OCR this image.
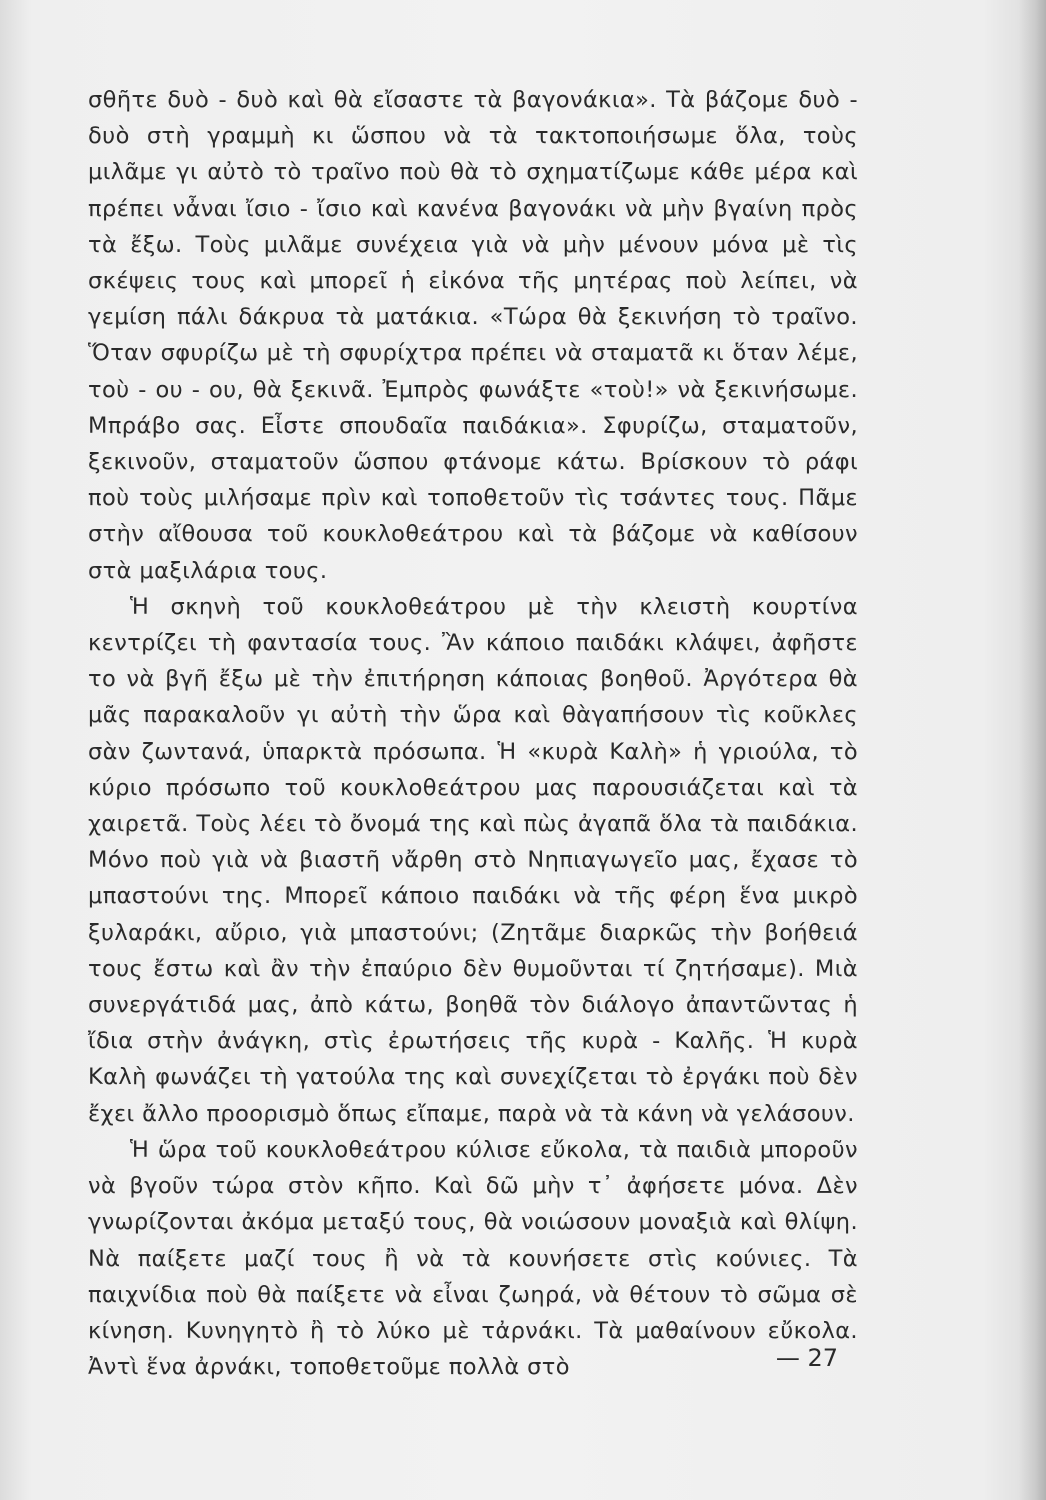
σθῆτε δυὸ - δυὸ καὶ θὰ εἴσαστε τὰ βαγονάκια». Τὰ βάζομε δυὸ - δυὸ στὴ γραμμὴ κι ὥσπου νὰ τὰ τακτοποιήσωμε ὅλα, τοὺς μιλᾶμε γι αὐτὸ τὸ τραῖνο ποὺ θὰ τὸ σχηματίζωμε κάθε μέρα καὶ πρέπει νἆναι ἴσιο - ἴσιο καὶ κανένα βαγονάκι νὰ μὴν βγαίνη πρὸς τὰ ἔξω. Τοὺς μιλᾶμε συνέχεια γιὰ νὰ μὴν μένουν μόνα μὲ τὶς σκέψεις τους καὶ μπορεῖ ἡ εἰκόνα τῆς μητέρας ποὺ λείπει, νὰ γεμίση πάλι δάκρυα τὰ ματάκια. «Τώρα θὰ ξεκινήση τὸ τραῖνο. Ὅταν σφυρίζω μὲ τὴ σφυρίχτρα πρέπει νὰ σταματᾶ κι ὅταν λέμε, τοὺ - ου - ου, θὰ ξεκινᾶ. Ἐμπρὸς φωνάξτε «τοὺ!» νὰ ξεκινήσωμε. Μπράβο σας. Εἶστε σπουδαῖα παιδάκια». Σφυρίζω, σταματοῦν, ξεκινοῦν, σταματοῦν ὥσπου φτάνομε κάτω. Βρίσκουν τὸ ράφι ποὺ τοὺς μιλήσαμε πρὶν καὶ τοποθετοῦν τὶς τσάντες τους. Πᾶμε στὴν αἴθουσα τοῦ κουκλοθεάτρου καὶ τὰ βάζομε νὰ καθίσουν στὰ μαξιλάρια τους.

Ἡ σκηνὴ τοῦ κουκλοθεάτρου μὲ τὴν κλειστὴ κουρτίνα κεντρίζει τὴ φαντασία τους. Ἂν κάποιο παιδάκι κλάψει, ἀφῆστε το νὰ βγῆ ἔξω μὲ τὴν ἐπιτήρηση κάποιας βοηθοῦ. Ἀργότερα θὰ μᾶς παρακαλοῦν γι αὐτὴ τὴν ὥρα καὶ θὰγαπήσουν τὶς κοῦκλες σὰν ζωντανά, ὑπαρκτὰ πρόσωπα. Ἡ «κυρὰ Καλὴ» ἡ γριούλα, τὸ κύριο πρόσωπο τοῦ κουκλοθεάτρου μας παρουσιάζεται καὶ τὰ χαιρετᾶ. Τοὺς λέει τὸ ὄνομά της καὶ πὼς ἀγαπᾶ ὅλα τὰ παιδάκια. Μόνο ποὺ γιὰ νὰ βιαστῆ νἄρθη στὸ Νηπιαγωγεῖο μας, ἔχασε τὸ μπαστούνι της. Μπορεῖ κάποιο παιδάκι νὰ τῆς φέρη ἕνα μικρὸ ξυλαράκι, αὔριο, γιὰ μπαστούνι; (Ζητᾶμε διαρκῶς τὴν βοήθειά τους ἔστω καὶ ἂν τὴν ἐπαύριο δὲν θυμοῦνται τί ζητήσαμε). Μιὰ συνεργάτιδά μας, ἀπὸ κάτω, βοηθᾶ τὸν διάλογο ἀπαντῶντας ἡ ἴδια στὴν ἀνάγκη, στὶς ἐρωτήσεις τῆς κυρὰ - Καλῆς. Ἡ κυρὰ Καλὴ φωνάζει τὴ γατούλα της καὶ συνεχίζεται τὸ ἐργάκι ποὺ δὲν ἔχει ἄλλο προορισμὸ ὅπως εἴπαμε, παρὰ νὰ τὰ κάνη νὰ γελάσουν.

Ἡ ὥρα τοῦ κουκλοθεάτρου κύλισε εὔκολα, τὰ παιδιὰ μποροῦν νὰ βγοῦν τώρα στὸν κῆπο. Καὶ δῶ μὴν τ᾽ ἀφήσετε μόνα. Δὲν γνωρίζονται ἀκόμα μεταξύ τους, θὰ νοιώσουν μοναξιὰ καὶ θλίψη. Νὰ παίξετε μαζί τους ἢ νὰ τὰ κουνήσετε στὶς κούνιες. Τὰ παιχνίδια ποὺ θὰ παίξετε νὰ εἶναι ζωηρά, νὰ θέτουν τὸ σῶμα σὲ κίνηση. Κυνηγητὸ ἢ τὸ λύκο μὲ τἀρνάκι. Τὰ μαθαίνουν εὔκολα. Ἀντὶ ἕνα ἀρνάκι, τοποθετοῦμε πολλὰ στὸ	— 27
